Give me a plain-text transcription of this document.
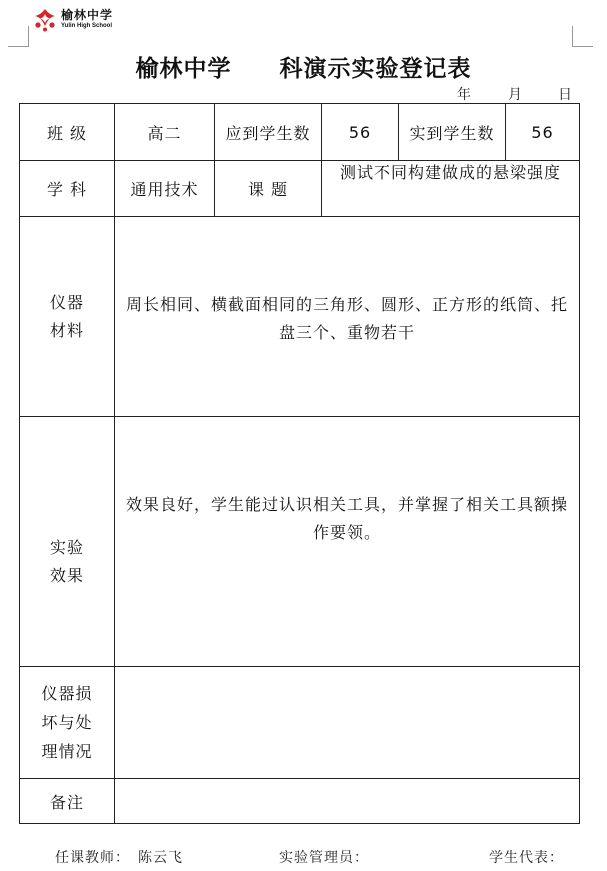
榆林中学
Yulin High School
榆林中学 科演示实验登记表
年	月	日
班 级	高二	应到学生数	56	实到学生数	56
学 科	通用技术	课 题	测试不同构建做成的悬梁强度		
仪器材料	周长相同、横截面相同的三角形、圆形、正方形的纸筒、托盘三个、重物若干				
实验效果	效果良好，学生能过认识相关工具，并掌握了相关工具额操作要领。				
仪器损坏与处理情况					
备注					
任课教师： 陈云飞	实验管理员：	学生代表：
